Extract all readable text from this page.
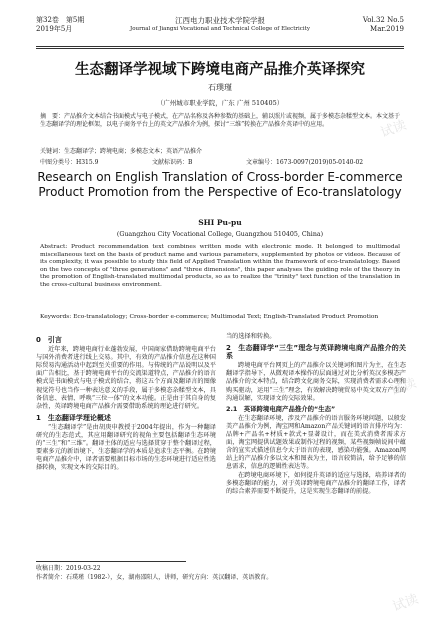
第32卷　第5期
2019年5月
江西电力职业技术学院学报
Journal of Jiangxi Vocational and Technical College of Electricity
Vol.32 No.5
Mar.2019
生态翻译学视域下跨境电商产品推介英译探究
石璞瑾
（广州城市职业学院，广东 广州 510405）
摘　要：产品推介文本结合书面模式与电子模式，在产品名称及各种参数的基础上，辅以照片或视频，属于多模态杂糅型文本。本文基于生态翻译学的理论框架，以电子商务平台上的英文产品推介为例，探讨“三维”转换在产品推介英译中的应用。
关键词：生态翻译学；跨境电商；多模态文本；英语产品推介
中图分类号：H315.9	文献标识码：B	文章编号：1673-0097(2019)05-0140-02
Research on English Translation of Cross-border E-commerce Product Promotion from the Perspective of Eco-translatology
SHI Pu-pu
(Guangzhou City Vocational College, Guangzhou 510405, China)
Abstract: Product recommendation text combines written mode with electronic mode. It belonged to multimodal miscellaneous text on the basis of product name and various parameters, supplemented by photos or videos. Because of its complexity, it was possible to study this field of Applied Translation within the framework of eco-translatology. Based on the two concepts of "three generations" and "three dimensions", this paper analyses the guiding role of the theory in the promotion of English-translated multimodal products, so as to realize the "trinity" text function of the translation in the cross-cultural business environment.
Keywords: Eco-translatology; Cross-border e-commerce; Multimodal Text; English-Translated Product Promotion
0　引言

近年来，跨境电商行业蓬勃发展，中国商家借助跨境电商平台与国外消费者进行线上交易。其中，有效的产品推介信息在这种国际贸易沟通活动中起到至关重要的作用。与传统的产品说明以及平面广告相比，基于跨境电商平台的交流渠道特点，产品推介的语言模式是书面模式与电子模式的结合，将这五个方面及翻译言的图像视觉符号也当作一种表达意义的手段，属于多模态杂糅型文本，具备信息、表情、呼唤“三位一体”的文本功能。正是由于其自身的复杂性，英译跨境电商产品推介需要借助系统的理论进行研究。

1　生态翻译学理论概述

“生态翻译学”是由胡庚申教授于2004年提出，作为一种翻译研究的生态范式，其应用翻译研究的视角主要包括翻译生态环境的“三生”和“三维”。翻译主体的适应与选择贯穿于整个翻译过程，要素多元的新语境下，生态翻译学的本质是追求生态平衡。在跨境电商产品推介中，译者需要根据目标市场的生态环境进行适应性选择转换，实现文本的交际目的。

当的选择和转换。

2　生态翻译学“三生”理念与英译跨境电商产品推介的关系

跨境电商平台网页上的产品推介以关键词和图片为主，在生态翻译学指导下，从微观译本操作的层面通过对比分析英汉多模态产品推介的文本特点，结合跨文化商务交际，实现消费者需求心理和购买驱动，运用“三生”理念，有效解决跨境贸易中英文双方产生的沟通误解，实现译文的交际效果。

2.1　英译跨境电商产品推介的“生态”

在生态翻译环境，涉及产品推介的语言服务环境问题，以般发美产品推介为例，淘宝网和Amazon产品关键词的语言排序均为：品牌+产品名+材质+款式+显著设计，而在美式消费者需求方面，淘宝网提供试题效果或制作过程的视频，某些视频帧说间中蕴含的宣实式描述信息令大于语言的表现，感染功能强。Amazon网站上的产品推介多以文本和图表为主，语言较简洁，给予足够的信息需求，信息的逻辑性表达等。

在跨境电商环境下，如何提升英译的适应与选择，培养译者的多模态翻译的能力，对于英译跨境电商产品推介的翻译工作，译者的综合素养需要不断提升，这是实现生态翻译的前提。

收稿日期：2019-03-22
作者简介：石璞瑾（1982-），女，湖南邵阳人，讲师，研究方向：英汉翻译、英语教育。
试读
试读
试读
